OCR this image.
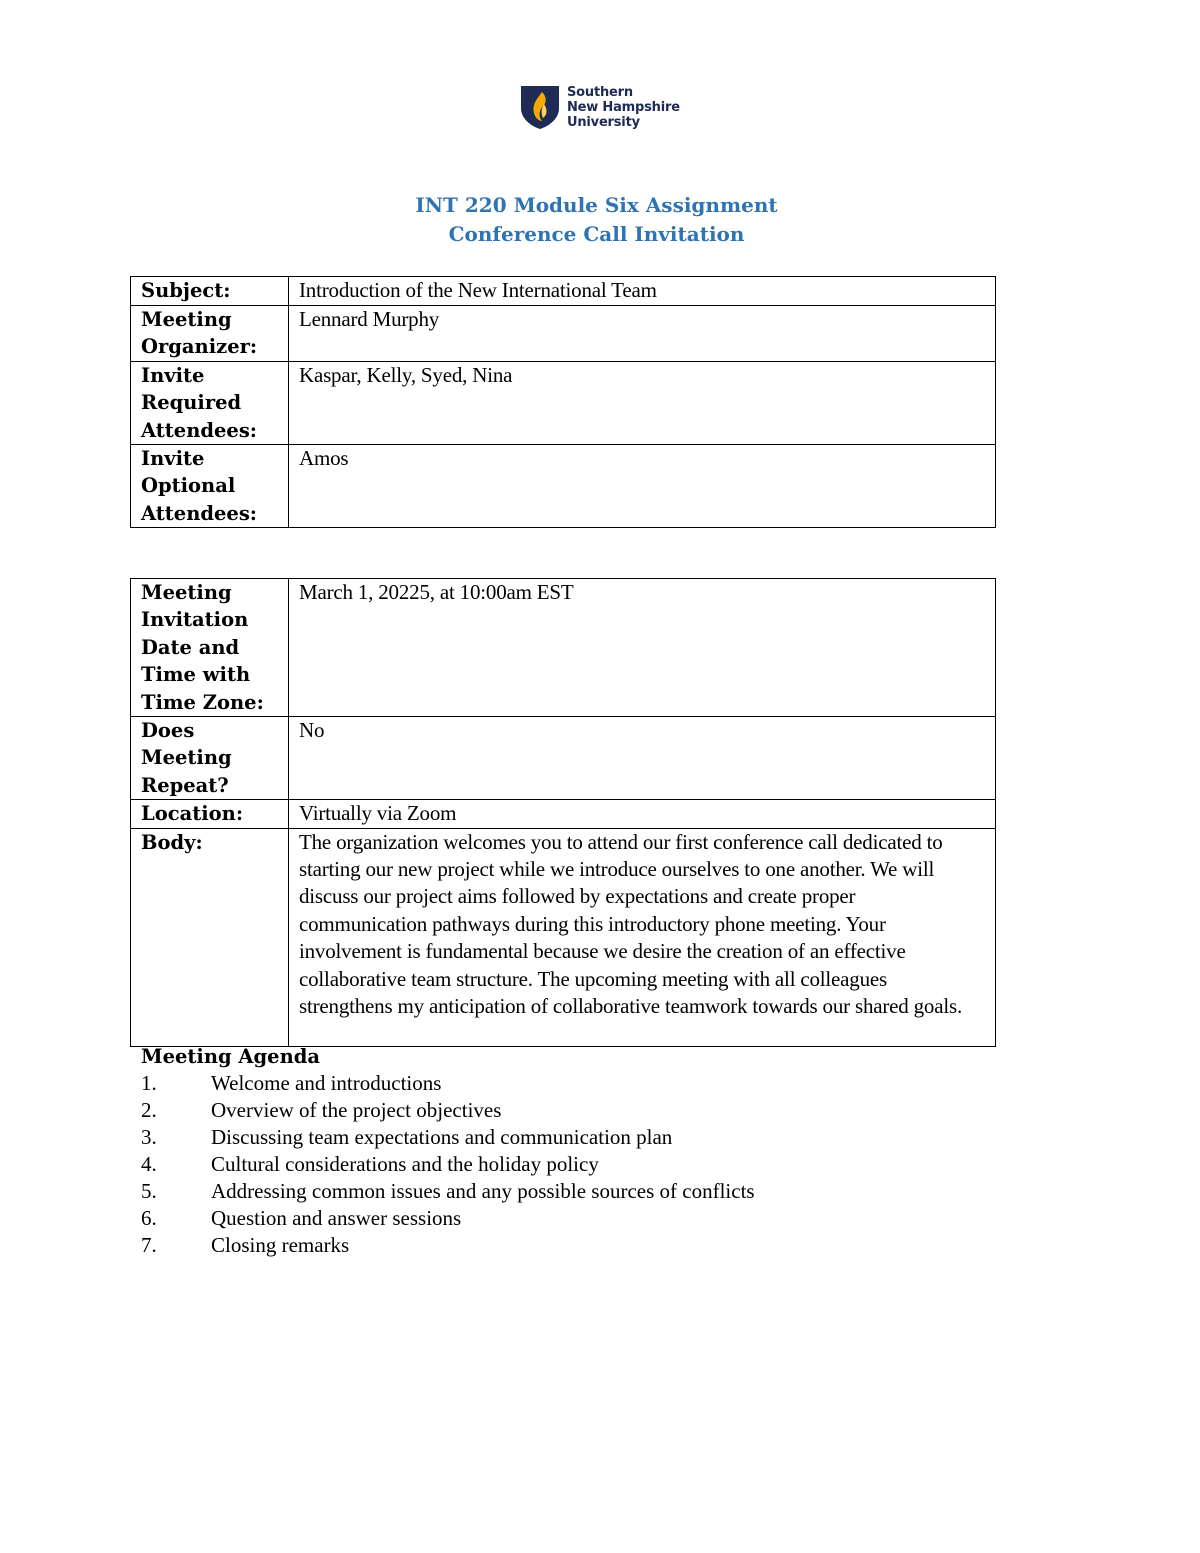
Southern
New Hampshire
University
INT 220 Module Six Assignment
Conference Call Invitation
Subject:	Introduction of the New International Team
Meeting Organizer:	Lennard Murphy
Invite Required Attendees:	Kaspar, Kelly, Syed, Nina
Invite Optional Attendees:	Amos
Meeting Invitation Date and Time with Time Zone:	March 1, 20225, at 10:00am EST
Does Meeting Repeat?	No
Location:	Virtually via Zoom
Body:	The organization welcomes you to attend our first conference call dedicated to starting our new project while we introduce ourselves to one another. We will discuss our project aims followed by expectations and create proper communication pathways during this introductory phone meeting. Your involvement is fundamental because we desire the creation of an effective collaborative team structure. The upcoming meeting with all colleagues strengthens my anticipation of collaborative teamwork towards our shared goals.
Meeting Agenda
1.	Welcome and introductions
2.	Overview of the project objectives
3.	Discussing team expectations and communication plan
4.	Cultural considerations and the holiday policy
5.	Addressing common issues and any possible sources of conflicts
6.	Question and answer sessions
7.	Closing remarks
